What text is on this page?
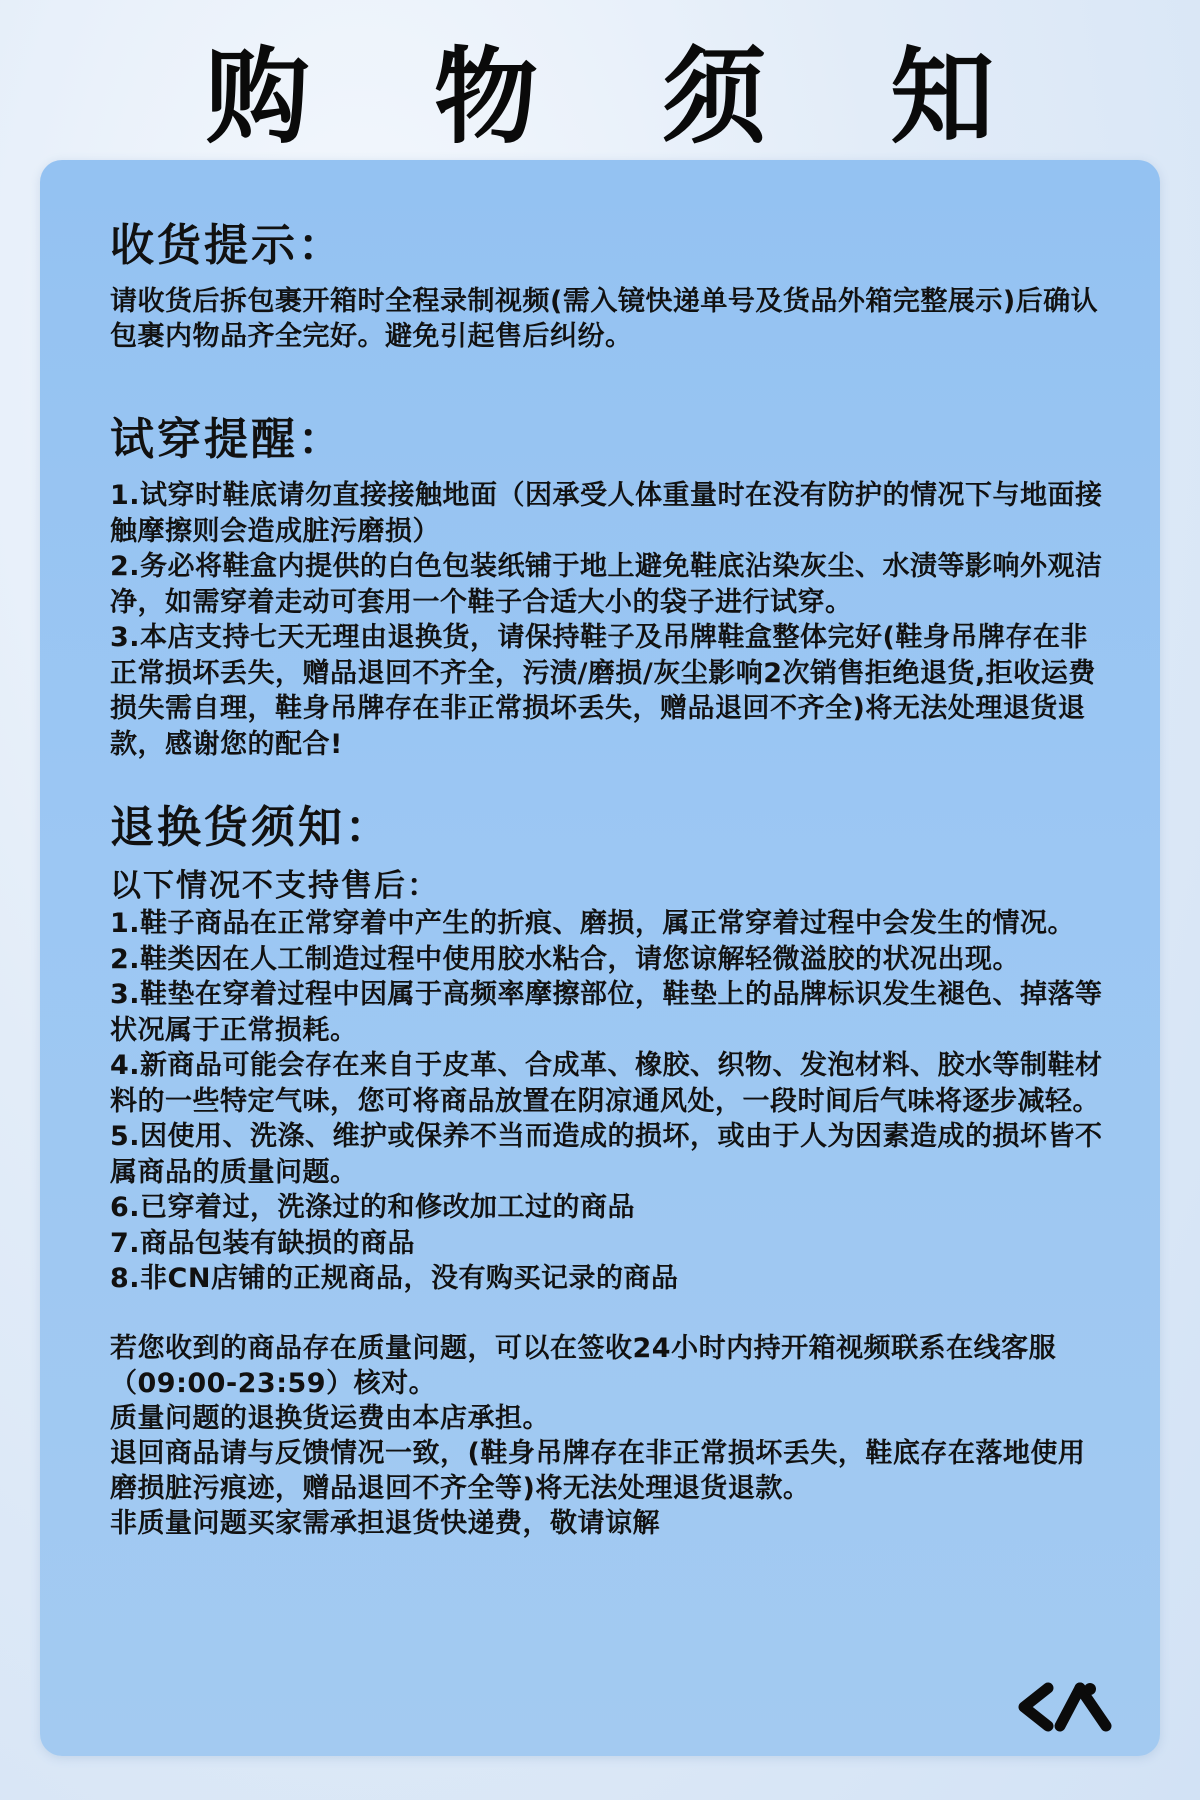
购 物 须 知
收货提示：

请收货后拆包裹开箱时全程录制视频(需入镜快递单号及货品外箱完整展示)后确认包裹内物品齐全完好。避免引起售后纠纷。

试穿提醒：
1.试穿时鞋底请勿直接接触地面（因承受人体重量时在没有防护的情况下与地面接触摩擦则会造成脏污磨损）
2.务必将鞋盒内提供的白色包装纸铺于地上避免鞋底沾染灰尘、水渍等影响外观洁净，如需穿着走动可套用一个鞋子合适大小的袋子进行试穿。
3.本店支持七天无理由退换货，请保持鞋子及吊牌鞋盒整体完好(鞋身吊牌存在非正常损坏丢失，赠品退回不齐全，污渍/磨损/灰尘影响2次销售拒绝退货,拒收运费损失需自理，鞋身吊牌存在非正常损坏丢失，赠品退回不齐全)将无法处理退货退款，感谢您的配合!
退换货须知：
以下情况不支持售后：
1.鞋子商品在正常穿着中产生的折痕、磨损，属正常穿着过程中会发生的情况。
2.鞋类因在人工制造过程中使用胶水粘合，请您谅解轻微溢胶的状况出现。
3.鞋垫在穿着过程中因属于高频率摩擦部位，鞋垫上的品牌标识发生褪色、掉落等状况属于正常损耗。
4.新商品可能会存在来自于皮革、合成革、橡胶、织物、发泡材料、胶水等制鞋材料的一些特定气味，您可将商品放置在阴凉通风处，一段时间后气味将逐步减轻。
5.因使用、洗涤、维护或保养不当而造成的损坏，或由于人为因素造成的损坏皆不属商品的质量问题。
6.已穿着过，洗涤过的和修改加工过的商品
7.商品包装有缺损的商品
8.非CN店铺的正规商品，没有购买记录的商品

若您收到的商品存在质量问题，可以在签收24小时内持开箱视频联系在线客服（09:00-23:59）核对。

质量问题的退换货运费由本店承担。

退回商品请与反馈情况一致，(鞋身吊牌存在非正常损坏丢失，鞋底存在落地使用磨损脏污痕迹，赠品退回不齐全等)将无法处理退货退款。

非质量问题买家需承担退货快递费，敬请谅解
